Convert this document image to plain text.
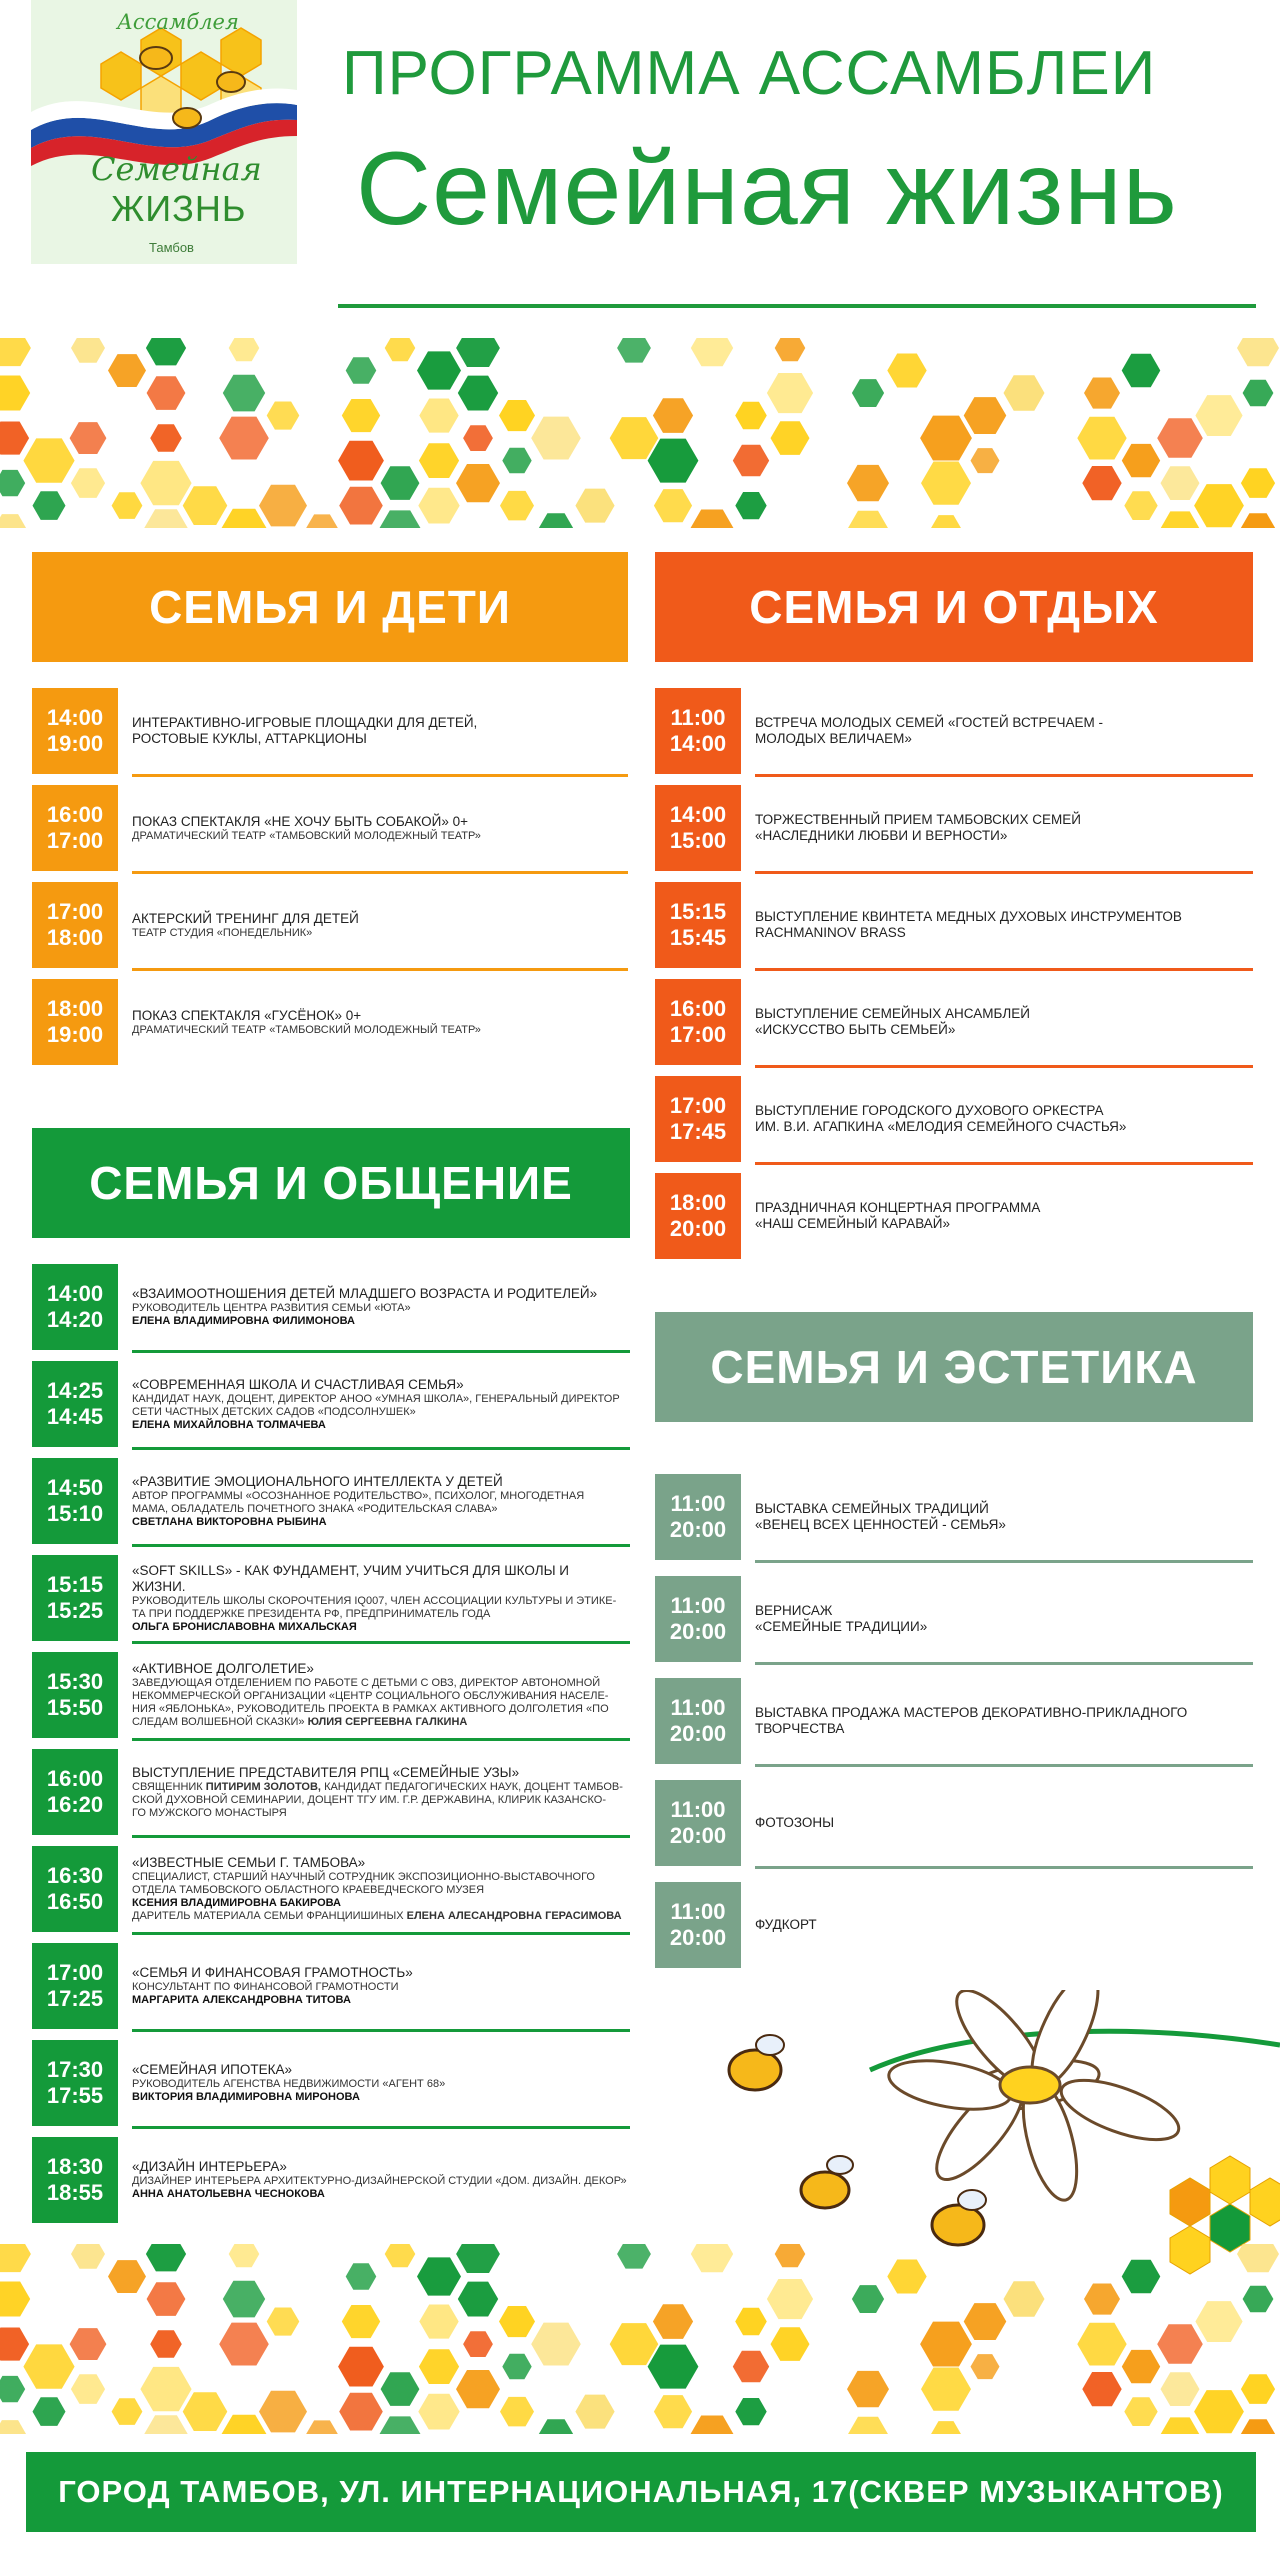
Ассамблея
Семейная
ЖИЗНЬ
Тамбов
ПРОГРАММА АССАМБЛЕИ
Семейная жизнь
СЕМЬЯ И ДЕТИ	СЕМЬЯ И ОТДЫХ
СЕМЬЯ И ОБЩЕНИЕ
СЕМЬЯ И ЭСТЕТИКА
14:00
19:00
ИНТЕРАКТИВНО-ИГРОВЫЕ ПЛОЩАДКИ ДЛЯ ДЕТЕЙ,
РОСТОВЫЕ КУКЛЫ, АТТАРКЦИОНЫ
16:00
17:00
ПОКАЗ СПЕКТАКЛЯ «НЕ ХОЧУ БЫТЬ СОБАКОЙ» 0+
ДРАМАТИЧЕСКИЙ ТЕАТР «ТАМБОВСКИЙ МОЛОДЕЖНЫЙ ТЕАТР»
17:00
18:00
АКТЕРСКИЙ ТРЕНИНГ ДЛЯ ДЕТЕЙ
ТЕАТР СТУДИЯ «ПОНЕДЕЛЬНИК»
18:00
19:00
ПОКАЗ СПЕКТАКЛЯ «ГУСЁНОК» 0+
ДРАМАТИЧЕСКИЙ ТЕАТР «ТАМБОВСКИЙ МОЛОДЕЖНЫЙ ТЕАТР»
11:00
14:00
ВСТРЕЧА МОЛОДЫХ СЕМЕЙ «ГОСТЕЙ ВСТРЕЧАЕМ -
МОЛОДЫХ ВЕЛИЧАЕМ»
14:00
15:00
ТОРЖЕСТВЕННЫЙ ПРИЕМ ТАМБОВСКИХ СЕМЕЙ
«НАСЛЕДНИКИ ЛЮБВИ И ВЕРНОСТИ»
15:15
15:45
ВЫСТУПЛЕНИЕ КВИНТЕТА МЕДНЫХ ДУХОВЫХ ИНСТРУМЕНТОВ
RACHMANINOV BRASS
16:00
17:00
ВЫСТУПЛЕНИЕ СЕМЕЙНЫХ АНСАМБЛЕЙ
«ИСКУССТВО БЫТЬ СЕМЬЕЙ»
17:00
17:45
ВЫСТУПЛЕНИЕ ГОРОДСКОГО ДУХОВОГО ОРКЕСТРА
ИМ. В.И. АГАПКИНА «МЕЛОДИЯ СЕМЕЙНОГО СЧАСТЬЯ»
18:00
20:00
ПРАЗДНИЧНАЯ КОНЦЕРТНАЯ ПРОГРАММА
«НАШ СЕМЕЙНЫЙ КАРАВАЙ»
14:00
14:20
«ВЗАИМООТНОШЕНИЯ ДЕТЕЙ МЛАДШЕГО ВОЗРАСТА И РОДИТЕЛЕЙ»
РУКОВОДИТЕЛЬ ЦЕНТРА РАЗВИТИЯ СЕМЬИ «ЮТА»
ЕЛЕНА ВЛАДИМИРОВНА ФИЛИМОНОВА
14:25
14:45
«СОВРЕМЕННАЯ ШКОЛА И СЧАСТЛИВАЯ СЕМЬЯ»
КАНДИДАТ НАУК, ДОЦЕНТ, ДИРЕКТОР АНОО «УМНАЯ ШКОЛА», ГЕНЕРАЛЬНЫЙ ДИРЕКТОР
СЕТИ ЧАСТНЫХ ДЕТСКИХ САДОВ «ПОДСОЛНУШЕК»
ЕЛЕНА МИХАЙЛОВНА ТОЛМАЧЕВА
14:50
15:10
«РАЗВИТИЕ ЭМОЦИОНАЛЬНОГО ИНТЕЛЛЕКТА У ДЕТЕЙ
АВТОР ПРОГРАММЫ «ОСОЗНАННОЕ РОДИТЕЛЬСТВО», ПСИХОЛОГ, МНОГОДЕТНАЯ
МАМА, ОБЛАДАТЕЛЬ ПОЧЕТНОГО ЗНАКА «РОДИТЕЛЬСКАЯ СЛАВА»
СВЕТЛАНА ВИКТОРОВНА РЫБИНА
15:15
15:25
«SOFT SKILLS» - КАК ФУНДАМЕНТ, УЧИМ УЧИТЬСЯ ДЛЯ ШКОЛЫ И
ЖИЗНИ.
РУКОВОДИТЕЛЬ ШКОЛЫ СКОРОЧТЕНИЯ IQ007, ЧЛЕН АССОЦИАЦИИ КУЛЬТУРЫ И ЭТИКЕ-
ТА ПРИ ПОДДЕРЖКЕ ПРЕЗИДЕНТА РФ, ПРЕДПРИНИМАТЕЛЬ ГОДА
ОЛЬГА БРОНИСЛАВОВНА МИХАЛЬСКАЯ
15:30
15:50
«АКТИВНОЕ ДОЛГОЛЕТИЕ»
ЗАВЕДУЮЩАЯ ОТДЕЛЕНИЕМ ПО РАБОТЕ С ДЕТЬМИ С ОВЗ, ДИРЕКТОР АВТОНОМНОЙ
НЕКОММЕРЧЕСКОЙ ОРГАНИЗАЦИИ «ЦЕНТР СОЦИАЛЬНОГО ОБСЛУЖИВАНИЯ НАСЕЛЕ-
НИЯ «ЯБЛОНЬКА», РУКОВОДИТЕЛЬ ПРОЕКТА В РАМКАХ АКТИВНОГО ДОЛГОЛЕТИЯ «ПО
СЛЕДАМ ВОЛШЕБНОЙ СКАЗКИ» ЮЛИЯ СЕРГЕЕВНА ГАЛКИНА
16:00
16:20
ВЫСТУПЛЕНИЕ ПРЕДСТАВИТЕЛЯ РПЦ «СЕМЕЙНЫЕ УЗЫ»
СВЯЩЕННИК ПИТИРИМ ЗОЛОТОВ, КАНДИДАТ ПЕДАГОГИЧЕСКИХ НАУК, ДОЦЕНТ ТАМБОВ-
СКОЙ ДУХОВНОЙ СЕМИНАРИИ, ДОЦЕНТ ТГУ ИМ. Г.Р. ДЕРЖАВИНА, КЛИРИК КАЗАНСКО-
ГО МУЖСКОГО МОНАСТЫРЯ
16:30
16:50
«ИЗВЕСТНЫЕ СЕМЬИ Г. ТАМБОВА»
СПЕЦИАЛИСТ, СТАРШИЙ НАУЧНЫЙ СОТРУДНИК ЭКСПОЗИЦИОННО-ВЫСТАВОЧНОГО
ОТДЕЛА ТАМБОВСКОГО ОБЛАСТНОГО КРАЕВЕДЧЕСКОГО МУЗЕЯ
КСЕНИЯ ВЛАДИМИРОВНА БАКИРОВА
ДАРИТЕЛЬ МАТЕРИАЛА СЕМЬИ ФРАНЦИИШИНЫХ ЕЛЕНА АЛЕСАНДРОВНА ГЕРАСИМОВА
17:00
17:25
«СЕМЬЯ И ФИНАНСОВАЯ ГРАМОТНОСТЬ»
КОНСУЛЬТАНТ ПО ФИНАНСОВОЙ ГРАМОТНОСТИ
МАРГАРИТА АЛЕКСАНДРОВНА ТИТОВА
17:30
17:55
«СЕМЕЙНАЯ ИПОТЕКА»
РУКОВОДИТЕЛЬ АГЕНСТВА НЕДВИЖИМОСТИ «АГЕНТ 68»
ВИКТОРИЯ ВЛАДИМИРОВНА МИРОНОВА
18:30
18:55
«ДИЗАЙН ИНТЕРЬЕРА»
ДИЗАЙНЕР ИНТЕРЬЕРА АРХИТЕКТУРНО-ДИЗАЙНЕРСКОЙ СТУДИИ «ДОМ. ДИЗАЙН. ДЕКОР»
АННА АНАТОЛЬЕВНА ЧЕСНОКОВА
11:00
20:00
ВЫСТАВКА СЕМЕЙНЫХ ТРАДИЦИЙ
«ВЕНЕЦ ВСЕХ ЦЕННОСТЕЙ - СЕМЬЯ»
11:00
20:00
ВЕРНИСАЖ
«СЕМЕЙНЫЕ ТРАДИЦИИ»
11:00
20:00
ВЫСТАВКА ПРОДАЖА МАСТЕРОВ ДЕКОРАТИВНО-ПРИКЛАДНОГО
ТВОРЧЕСТВА
11:00
20:00
ФОТОЗОНЫ
11:00
20:00
ФУДКОРТ
ГОРОД ТАМБОВ, УЛ. ИНТЕРНАЦИОНАЛЬНАЯ, 17(СКВЕР МУЗЫКАНТОВ)
